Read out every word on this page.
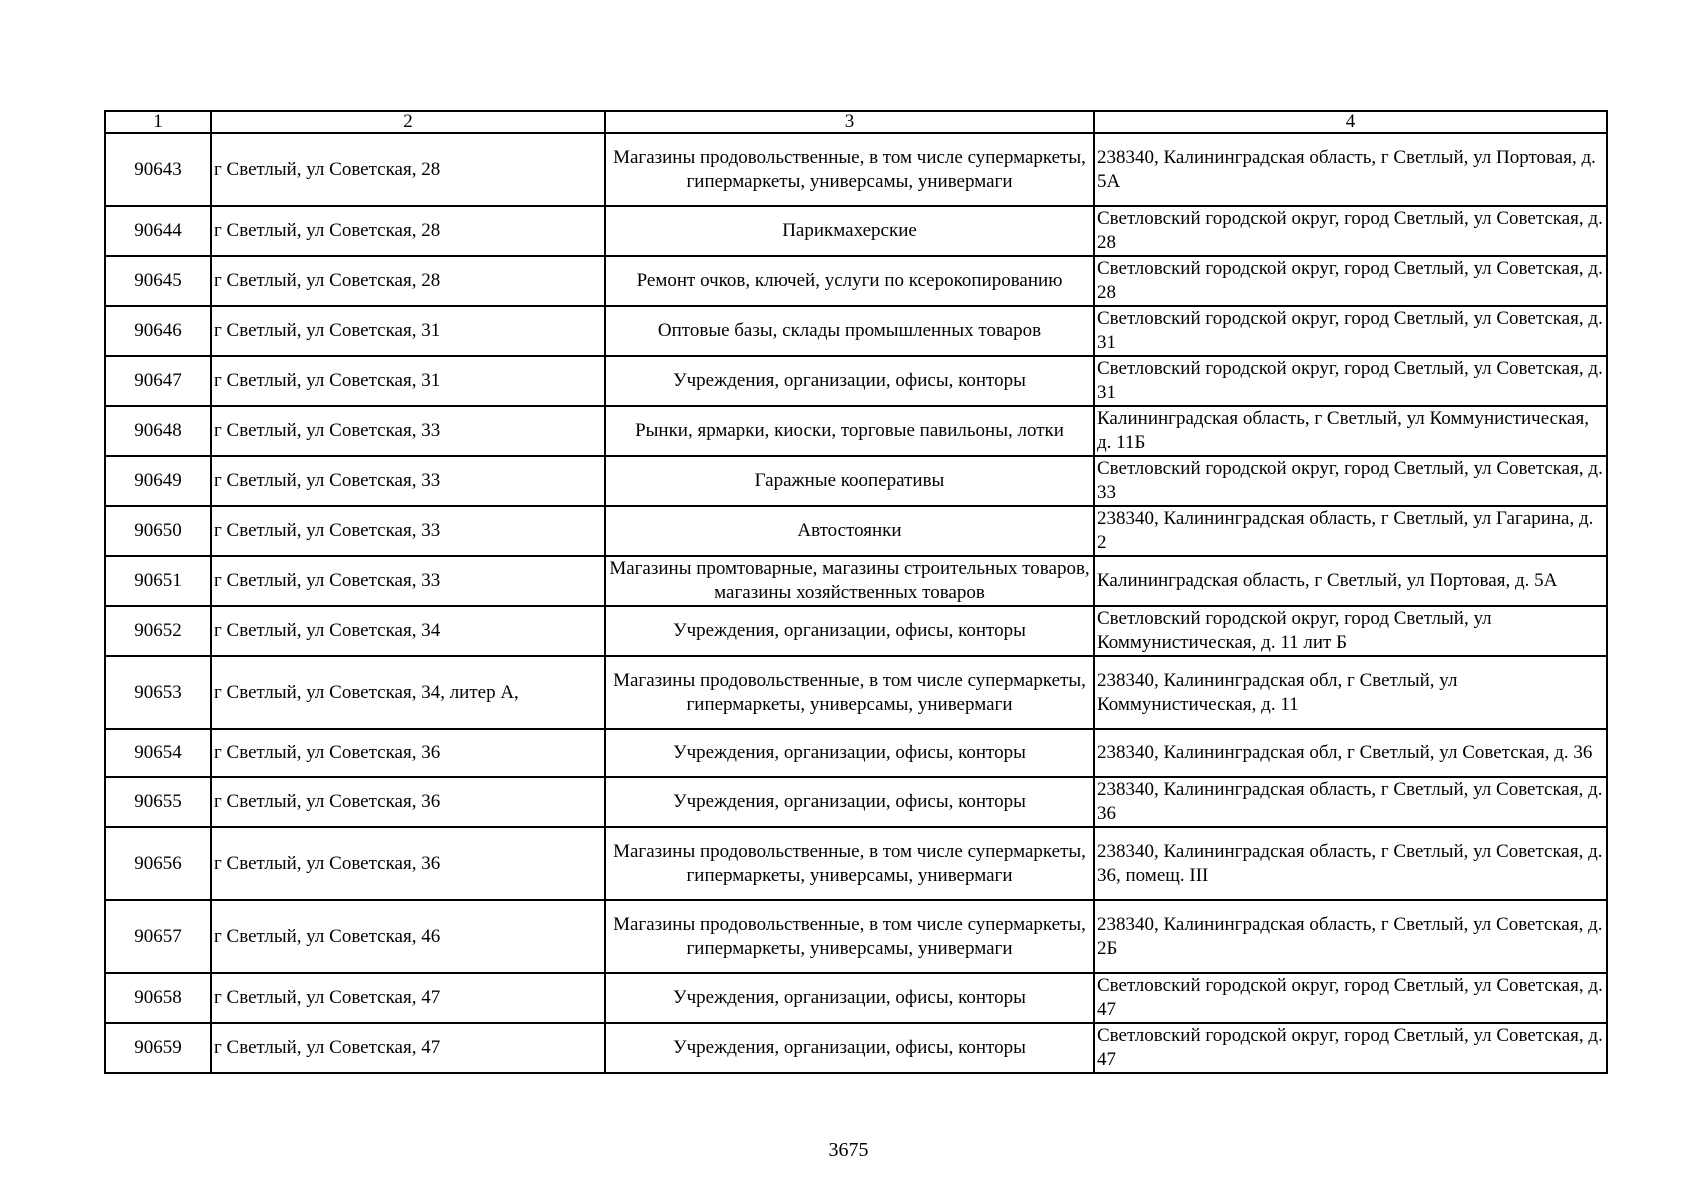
1	2	3	4
90643	г Светлый, ул Советская, 28	Магазины продовольственные, в том числе супермаркеты, гипермаркеты, универсамы, универмаги	238340, Калининградская область, г Светлый, ул Портовая, д. 5А
90644	г Светлый, ул Советская, 28	Парикмахерские	Светловский городской округ, город Светлый, ул Советская, д. 28
90645	г Светлый, ул Советская, 28	Ремонт очков, ключей, услуги по ксерокопированию	Светловский городской округ, город Светлый, ул Советская, д. 28
90646	г Светлый, ул Советская, 31	Оптовые базы, склады промышленных товаров	Светловский городской округ, город Светлый, ул Советская, д. 31
90647	г Светлый, ул Советская, 31	Учреждения, организации, офисы, конторы	Светловский городской округ, город Светлый, ул Советская, д. 31
90648	г Светлый, ул Советская, 33	Рынки, ярмарки, киоски, торговые павильоны, лотки	Калининградская область, г Светлый, ул Коммунистическая, д. 11Б
90649	г Светлый, ул Советская, 33	Гаражные кооперативы	Светловский городской округ, город Светлый, ул Советская, д. 33
90650	г Светлый, ул Советская, 33	Автостоянки	238340, Калининградская область, г Светлый, ул Гагарина, д. 2
90651	г Светлый, ул Советская, 33	Магазины промтоварные, магазины строительных товаров, магазины хозяйственных товаров	Калининградская область, г Светлый, ул Портовая, д. 5А
90652	г Светлый, ул Советская, 34	Учреждения, организации, офисы, конторы	Светловский городской округ, город Светлый, ул Коммунистическая, д. 11 лит Б
90653	г Светлый, ул Советская, 34, литер А,	Магазины продовольственные, в том числе супермаркеты, гипермаркеты, универсамы, универмаги	238340, Калининградская обл, г Светлый, ул Коммунистическая, д. 11
90654	г Светлый, ул Советская, 36	Учреждения, организации, офисы, конторы	238340, Калининградская обл, г Светлый, ул Советская, д. 36
90655	г Светлый, ул Советская, 36	Учреждения, организации, офисы, конторы	238340, Калининградская область, г Светлый, ул Советская, д. 36
90656	г Светлый, ул Советская, 36	Магазины продовольственные, в том числе супермаркеты, гипермаркеты, универсамы, универмаги	238340, Калининградская область, г Светлый, ул Советская, д. 36, помещ. III
90657	г Светлый, ул Советская, 46	Магазины продовольственные, в том числе супермаркеты, гипермаркеты, универсамы, универмаги	238340, Калининградская область, г Светлый, ул Советская, д. 2Б
90658	г Светлый, ул Советская, 47	Учреждения, организации, офисы, конторы	Светловский городской округ, город Светлый, ул Советская, д. 47
90659	г Светлый, ул Советская, 47	Учреждения, организации, офисы, конторы	Светловский городской округ, город Светлый, ул Советская, д. 47
3675
